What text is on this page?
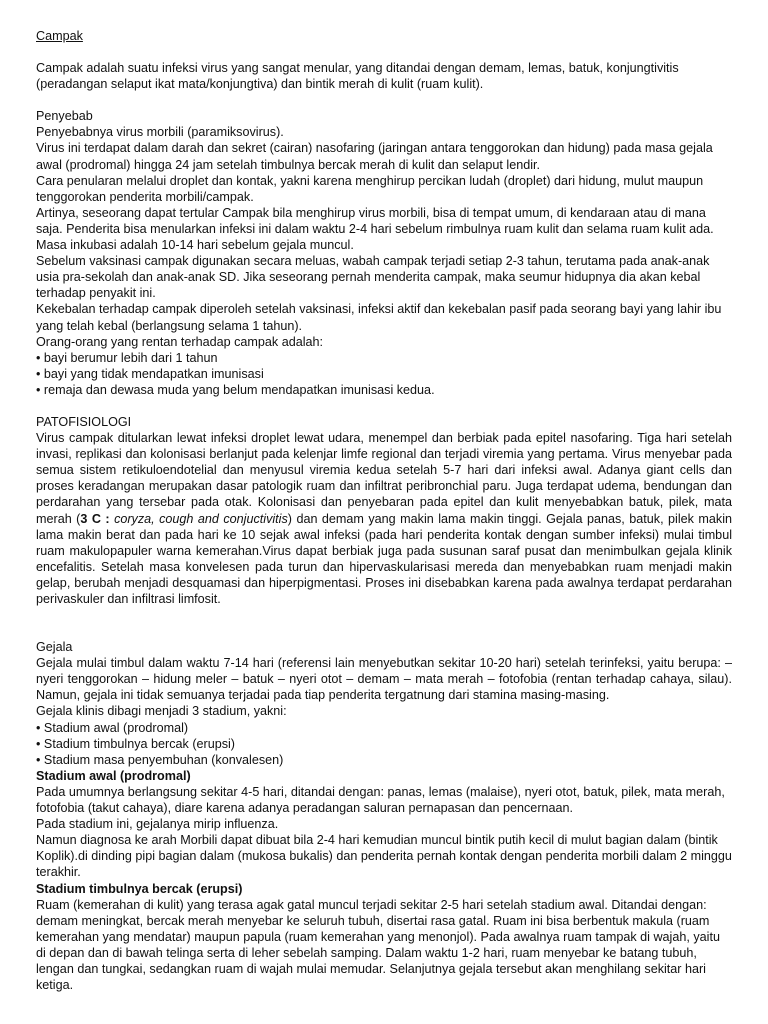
Campak

Campak adalah suatu infeksi virus yang sangat menular, yang ditandai dengan demam, lemas, batuk, konjungtivitis (peradangan selaput ikat mata/konjungtiva) dan bintik merah di kulit (ruam kulit).

Penyebab

Penyebabnya virus morbili (paramiksovirus).

Virus ini terdapat dalam darah dan sekret (cairan) nasofaring (jaringan antara tenggorokan dan hidung) pada masa gejala awal (prodromal) hingga 24 jam setelah timbulnya bercak merah di kulit dan selaput lendir.

Cara penularan melalui droplet dan kontak, yakni karena menghirup percikan ludah (droplet) dari hidung, mulut maupun tenggorokan penderita morbili/campak.

Artinya, seseorang dapat tertular Campak bila menghirup virus morbili, bisa di tempat umum, di kendaraan atau di mana saja. Penderita bisa menularkan infeksi ini dalam waktu 2-4 hari sebelum rimbulnya ruam kulit dan selama ruam kulit ada. Masa inkubasi adalah 10-14 hari sebelum gejala muncul.

Sebelum vaksinasi campak digunakan secara meluas, wabah campak terjadi setiap 2-3 tahun, terutama pada anak-anak usia pra-sekolah dan anak-anak SD. Jika seseorang pernah menderita campak, maka seumur hidupnya dia akan kebal terhadap penyakit ini.

Kekebalan terhadap campak diperoleh setelah vaksinasi, infeksi aktif dan kekebalan pasif pada seorang bayi yang lahir ibu yang telah kebal (berlangsung selama 1 tahun).

Orang-orang yang rentan terhadap campak adalah:

• bayi berumur lebih dari 1 tahun
• bayi yang tidak mendapatkan imunisasi
• remaja dan dewasa muda yang belum mendapatkan imunisasi kedua.

PATOFISIOLOGI

Virus campak ditularkan lewat infeksi droplet lewat udara, menempel dan berbiak pada epitel nasofaring. Tiga hari setelah invasi, replikasi dan kolonisasi berlanjut pada kelenjar limfe regional dan terjadi viremia yang pertama. Virus menyebar pada semua sistem retikuloendotelial dan menyusul viremia kedua setelah 5-7 hari dari infeksi awal. Adanya giant cells dan proses keradangan merupakan dasar patologik ruam dan infiltrat peribronchial paru. Juga terdapat udema, bendungan dan perdarahan yang tersebar pada otak. Kolonisasi dan penyebaran pada epitel dan kulit menyebabkan batuk, pilek, mata merah (3 C : coryza, cough and conjuctivitis) dan demam yang makin lama makin tinggi. Gejala panas, batuk, pilek makin lama makin berat dan pada hari ke 10 sejak awal infeksi (pada hari penderita kontak dengan sumber infeksi) mulai timbul ruam makulopapuler warna kemerahan.Virus dapat berbiak juga pada susunan saraf pusat dan menimbulkan gejala klinik encefalitis. Setelah masa konvelesen pada turun dan hipervaskularisasi mereda dan menyebabkan ruam menjadi makin gelap, berubah menjadi desquamasi dan hiperpigmentasi. Proses ini disebabkan karena pada awalnya terdapat perdarahan perivaskuler dan infiltrasi limfosit.

Gejala

Gejala mulai timbul dalam waktu 7-14 hari (referensi lain menyebutkan sekitar 10-20 hari) setelah terinfeksi, yaitu berupa: – nyeri tenggorokan – hidung meler – batuk – nyeri otot – demam – mata merah – fotofobia (rentan terhadap cahaya, silau). Namun, gejala ini tidak semuanya terjadai pada tiap penderita tergatnung dari stamina masing-masing.

Gejala klinis dibagi menjadi 3 stadium, yakni:

• Stadium awal (prodromal)
• Stadium timbulnya bercak (erupsi)
• Stadium masa penyembuhan (konvalesen)

Stadium awal (prodromal)

Pada umumnya berlangsung sekitar 4-5 hari, ditandai dengan: panas, lemas (malaise), nyeri otot, batuk, pilek, mata merah, fotofobia (takut cahaya), diare karena adanya peradangan saluran pernapasan dan pencernaan.

Pada stadium ini, gejalanya mirip influenza.

Namun diagnosa ke arah Morbili dapat dibuat bila 2-4 hari kemudian muncul bintik putih kecil di mulut bagian dalam (bintik Koplik).di dinding pipi bagian dalam (mukosa bukalis) dan penderita pernah kontak dengan penderita morbili dalam 2 minggu terakhir.

Stadium timbulnya bercak (erupsi)

Ruam (kemerahan di kulit) yang terasa agak gatal muncul terjadi sekitar 2-5 hari setelah stadium awal. Ditandai dengan: demam meningkat, bercak merah menyebar ke seluruh tubuh, disertai rasa gatal. Ruam ini bisa berbentuk makula (ruam kemerahan yang mendatar) maupun papula (ruam kemerahan yang menonjol). Pada awalnya ruam tampak di wajah, yaitu di depan dan di bawah telinga serta di leher sebelah samping. Dalam waktu 1-2 hari, ruam menyebar ke batang tubuh, lengan dan tungkai, sedangkan ruam di wajah mulai memudar. Selanjutnya gejala tersebut akan menghilang sekitar hari ketiga.
